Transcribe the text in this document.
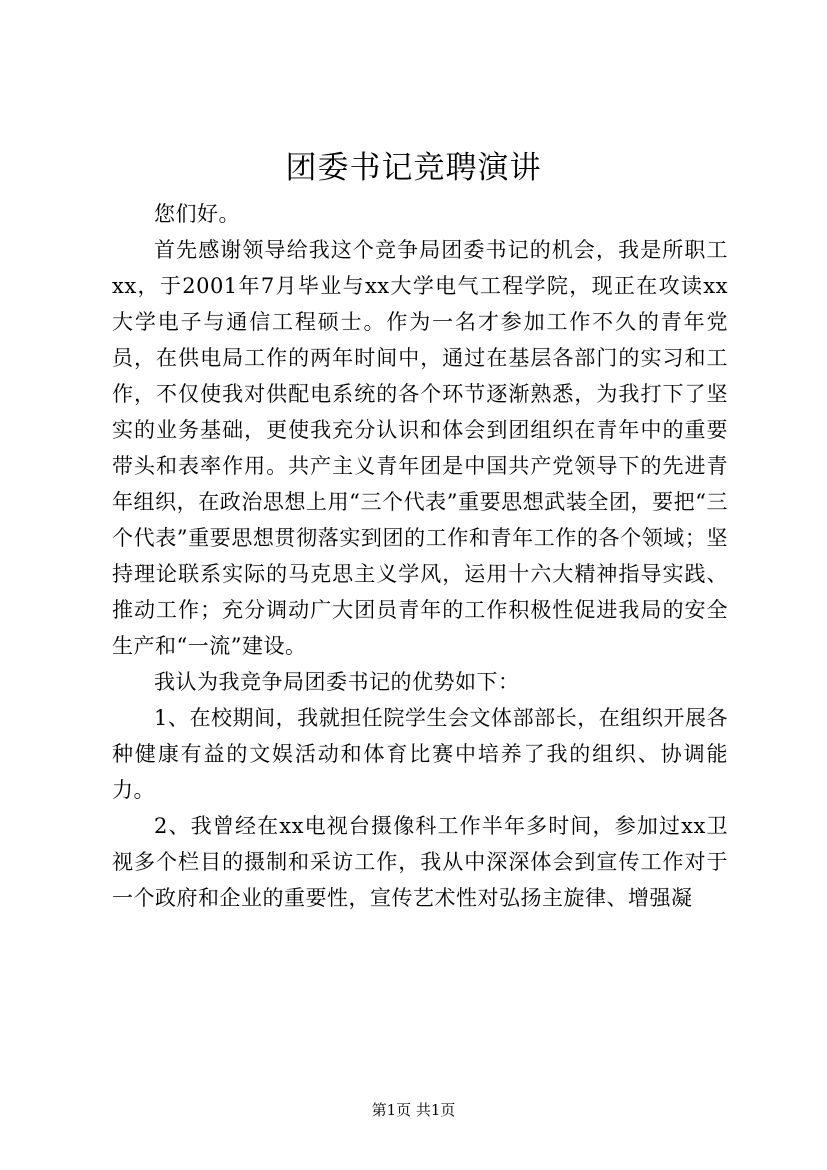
团委书记竞聘演讲

您们好。

首先感谢领导给我这个竞争局团委书记的机会，我是所职工xx，于2001年7月毕业与xx大学电气工程学院，现正在攻读xx大学电子与通信工程硕士。作为一名才参加工作不久的青年党员，在供电局工作的两年时间中，通过在基层各部门的实习和工作，不仅使我对供配电系统的各个环节逐渐熟悉，为我打下了坚实的业务基础，更使我充分认识和体会到团组织在青年中的重要带头和表率作用。共产主义青年团是中国共产党领导下的先进青年组织，在政治思想上用“三个代表”重要思想武装全团，要把“三个代表”重要思想贯彻落实到团的工作和青年工作的各个领域；坚持理论联系实际的马克思主义学风，运用十六大精神指导实践、推动工作；充分调动广大团员青年的工作积极性促进我局的安全生产和“一流”建设。

我认为我竞争局团委书记的优势如下：

1、在校期间，我就担任院学生会文体部部长，在组织开展各种健康有益的文娱活动和体育比赛中培养了我的组织、协调能力。

2、我曾经在xx电视台摄像科工作半年多时间，参加过xx卫视多个栏目的摄制和采访工作，我从中深深体会到宣传工作对于一个政府和企业的重要性，宣传艺术性对弘扬主旋律、增强凝

第1页 共1页
